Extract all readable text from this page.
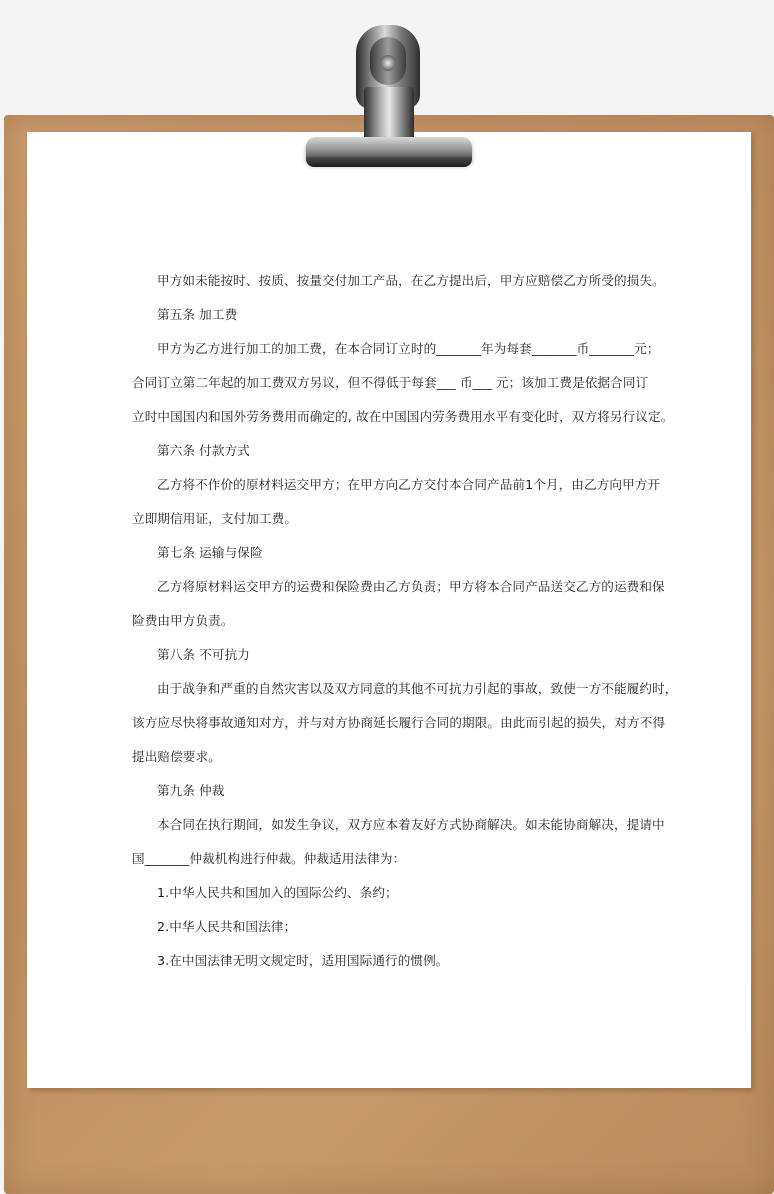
甲方如未能按时、按质、按量交付加工产品，在乙方提出后，甲方应赔偿乙方所受的损失。
第五条 加工费
甲方为乙方进行加工的加工费，在本合同订立时的_______年为每套_______币_______元；
合同订立第二年起的加工费双方另议，但不得低于每套___ 币___ 元；该加工费是依据合同订
立时中国国内和国外劳务费用而确定的, 故在中国国内劳务费用水平有变化时，双方将另行议定。
第六条 付款方式
乙方将不作价的原材料运交甲方；在甲方向乙方交付本合同产品前1个月，由乙方向甲方开
立即期信用证，支付加工费。
第七条 运输与保险
乙方将原材料运交甲方的运费和保险费由乙方负责；甲方将本合同产品送交乙方的运费和保
险费由甲方负责。
第八条 不可抗力
由于战争和严重的自然灾害以及双方同意的其他不可抗力引起的事故，致使一方不能履约时，
该方应尽快将事故通知对方，并与对方协商延长履行合同的期限。由此而引起的损失，对方不得
提出赔偿要求。
第九条 仲裁
本合同在执行期间，如发生争议，双方应本着友好方式协商解决。如未能协商解决，提请中
国_______仲裁机构进行仲裁。仲裁适用法律为：
1.中华人民共和国加入的国际公约、条约；
2.中华人民共和国法律；
3.在中国法律无明文规定时，适用国际通行的惯例。
